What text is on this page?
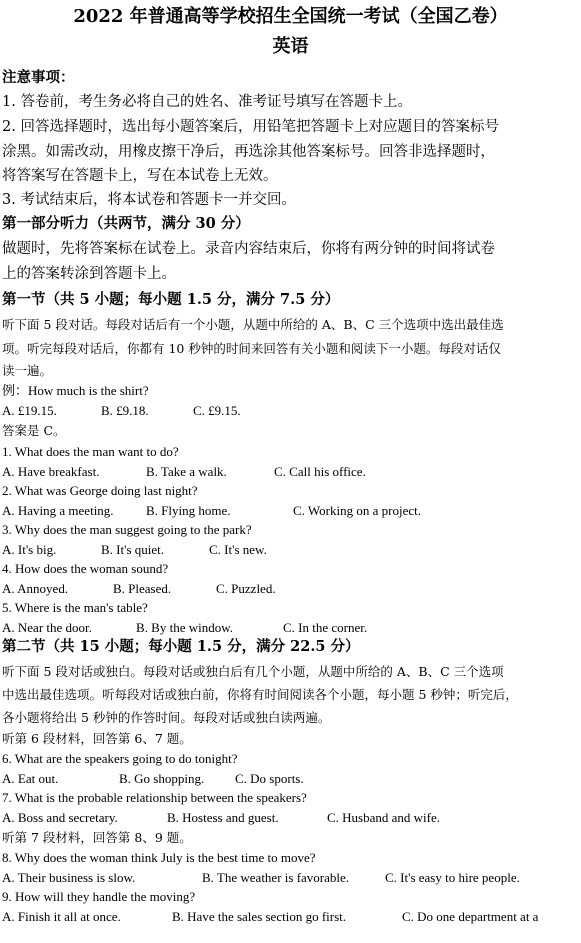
2022 年普通高等学校招生全国统一考试（全国乙卷）
英语
注意事项：
1. 答卷前，考生务必将自己的姓名、准考证号填写在答题卡上。
2. 回答选择题时，选出每小题答案后，用铅笔把答题卡上对应题目的答案标号
涂黑。如需改动，用橡皮擦干净后，再选涂其他答案标号。回答非选择题时，
将答案写在答题卡上，写在本试卷上无效。
3. 考试结束后，将本试卷和答题卡一并交回。
第一部分听力（共两节，满分 30 分）
做题时，先将答案标在试卷上。录音内容结束后，你将有两分钟的时间将试卷
上的答案转涂到答题卡上。
第一节（共 5 小题；每小题 1.5 分，满分 7.5 分）
听下面 5 段对话。每段对话后有一个小题，从题中所给的 A、B、C 三个选项中选出最佳选
项。听完每段对话后，你都有 10 秒钟的时间来回答有关小题和阅读下一小题。每段对话仅
读一遍。
例：How much is the shirt?
A. £19.15.	B. £9.18.	C. £9.15.
答案是 C。
1. What does the man want to do?
A. Have breakfast.	B. Take a walk.	C. Call his office.
2. What was George doing last night?
A. Having a meeting. B. Flying home.	C. Working on a project.
3. Why does the man suggest going to the park?
A. It's big.	B. It's quiet.	C. It's new.
4. How does the woman sound?
A. Annoyed.	B. Pleased.	C. Puzzled.
5. Where is the man's table?
A. Near the door.	B. By the window.	C. In the corner.
第二节（共 15 小题；每小题 1.5 分，满分 22.5 分）
听下面 5 段对话或独白。每段对话或独白后有几个小题，从题中所给的 A、B、C 三个选项
中选出最佳选项。听每段对话或独白前，你将有时间阅读各个小题，每小题 5 秒钟；听完后，
各小题将给出 5 秒钟的作答时间。每段对话或独白读两遍。
听第 6 段材料，回答第 6、7 题。
6. What are the speakers going to do tonight?
A. Eat out.	B. Go shopping. C. Do sports.
7. What is the probable relationship between the speakers?
A. Boss and secretary.	B. Hostess and guest.	C. Husband and wife.
听第 7 段材料，回答第 8、9 题。
8. Why does the woman think July is the best time to move?
A. Their business is slow.	B. The weather is favorable.	C. It's easy to hire people.
9. How will they handle the moving?
A. Finish it all at once.	B. Have the sales section go first.	C. Do one department at a
